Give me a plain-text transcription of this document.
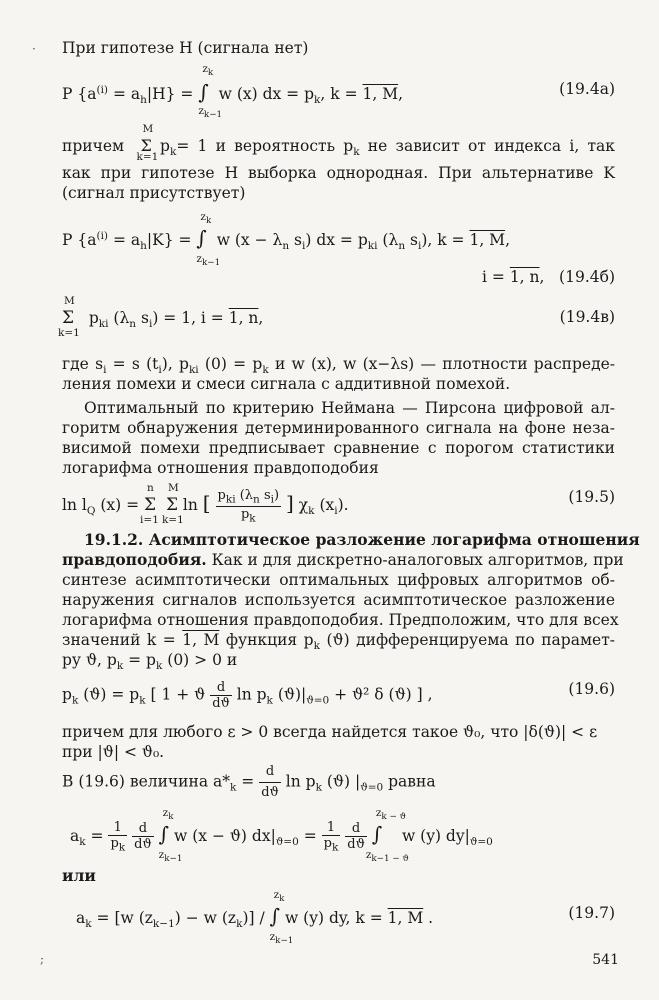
· При гипотезе H (сигнала нет)
P $\{a^{(i)} = a_h|H\}$ = ∫
$z_k$
$z_{k-1}$
w (x) dx = $p_k$, k = 1, M,	(19.4a)
причем Σ
M
k=1
$p_k= 1$ и вероятность $p_k$ не зависит от индекса i, так
как при гипотезе H выборка однородная. При альтернативе K
(сигнал присутствует)
P $\{a^{(i)} = a_h|K\}$ = ∫
$z_k$
$z_{k-1}$
w ($x - \lambda_n$ $s_i$) dx = $p_{ki}$ ($\lambda_n$ $s_i$), k = 1, M,
i = 1, n, (19.4б)
Σ
M
k=1
$p_{ki}$ ($\lambda_n$ $s_i) = 1$, i = 1, n,	(19.4в)
где $s_i = s$ $(t_i)$, $p_{ki}$ $(0) = p_k$ и w (x), w (x−λs) — плотности распреде-
ления помехи и смеси сигнала с аддитивной помехой.
Оптимальный по критерию Неймана — Пирсона цифровой ал-
горитм обнаружения детерминированного сигнала на фоне неза-
висимой помехи предписывает сравнение с порогом статистики
логарифма отношения правдоподобия
$\ln l_Q$ (x) = Σ
n
i=1
Σ
M
k=1
ln [ $\frac{p_{ki} (\lambda_n s_i)}{p_k}$ ] $\chi_k$ $(x_i)$.	(19.5)
19.1.2. Асимптотическое разложение логарифма отношения
правдоподобия. Как и для дискретно-аналоговых алгоритмов, при
синтезе асимптотически оптимальных цифровых алгоритмов об-
наружения сигналов используется асимптотическое разложение
логарифма отношения правдоподобия. Предположим, что для всех
значений k = 1, M функция $p_k$ (ϑ) дифференцируема по парамет-
ру ϑ, $p_k = p_k$ (0) > 0 и
$p_k$ $(ϑ) = p_k$ [ 1 + ϑ $\frac{d}{dϑ}$ $\ln p_k$ $(ϑ)|_{ϑ=0} + ϑ^2$ δ (ϑ) ] ,	(19.6)
причем для любого ε > 0 всегда найдется такое ϑ₀, что |δ(ϑ)| < ε
при |ϑ| < ϑ₀.
В (19.6) величина $a*_k = \frac{d}{dϑ}$ $\ln p_k$ (ϑ) $|_{ϑ=0}$ равна
$a_k = \frac{1}{p_k}$
$\frac{d}{dϑ}$ ∫
$z_k$
$z_{k-1}$
w (x − ϑ) $dx|_{ϑ=0} = \frac{1}{p_k}$
$\frac{d}{dϑ}$ ∫
$z_{k - ϑ}$
$z_{k-1 - ϑ}$
w (y) $dy|_{ϑ=0}$
или
$a_k = [w$ $(z_{k-1}) - w$ $(z_k)$] / ∫
$z_k$
$z_{k-1}$
w (y) dy, k = 1, M .	(19.7)
541
;
